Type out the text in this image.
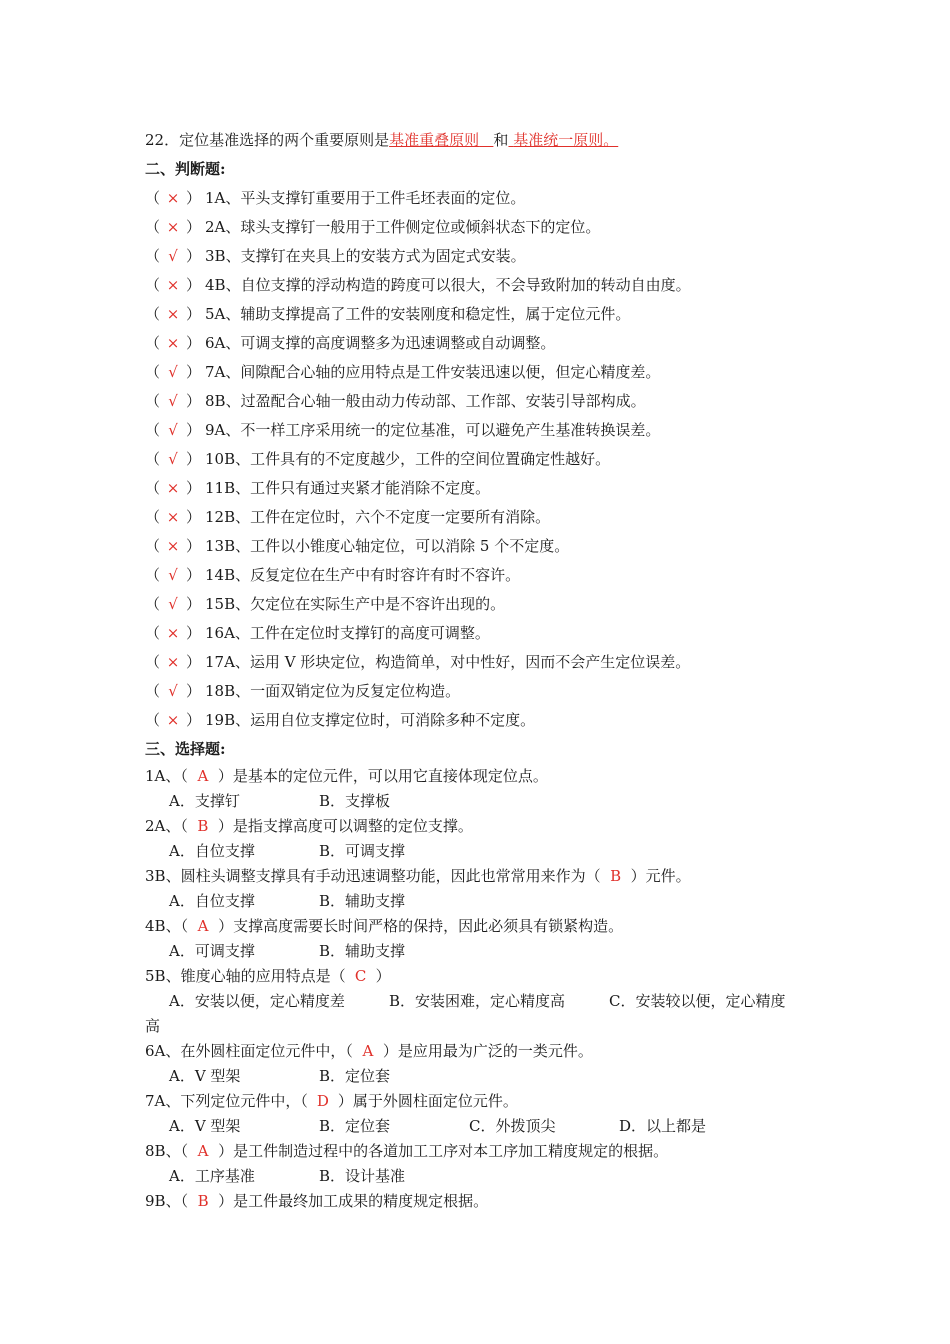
22．定位基准选择的两个重要原则是基准重叠原则 和 基准统一原则。
二、判断题:
（ × ） 1A、平头支撑钉重要用于工件毛坯表面的定位。
（ × ） 2A、球头支撑钉一般用于工件侧定位或倾斜状态下的定位。
（ √ ） 3B、支撑钉在夹具上的安装方式为固定式安装。
（ × ） 4B、自位支撑的浮动构造的跨度可以很大，不会导致附加的转动自由度。
（ × ） 5A、辅助支撑提高了工件的安装刚度和稳定性，属于定位元件。
（ × ） 6A、可调支撑的高度调整多为迅速调整或自动调整。
（ √ ） 7A、间隙配合心轴的应用特点是工件安装迅速以便，但定心精度差。
（ √ ） 8B、过盈配合心轴一般由动力传动部、工作部、安装引导部构成。
（ √ ） 9A、不一样工序采用统一的定位基准，可以避免产生基准转换误差。
（ √ ） 10B、工件具有的不定度越少，工件的空间位置确定性越好。
（ × ） 11B、工件只有通过夹紧才能消除不定度。
（ × ） 12B、工件在定位时，六个不定度一定要所有消除。
（ × ） 13B、工件以小锥度心轴定位，可以消除 5 个不定度。
（ √ ） 14B、反复定位在生产中有时容许有时不容许。
（ √ ） 15B、欠定位在实际生产中是不容许出现的。
（ × ） 16A、工件在定位时支撑钉的高度可调整。
（ × ） 17A、运用 V 形块定位，构造简单，对中性好，因而不会产生定位误差。
（ √ ） 18B、一面双销定位为反复定位构造。
（ × ） 19B、运用自位支撑定位时，可消除多种不定度。
三、选择题:
1A、（ A ）是基本的定位元件，可以用它直接体现定位点。
A．支撑钉	B．支撑板
2A、（ B ）是指支撑高度可以调整的定位支撑。
A．自位支撑	B．可调支撑
3B、圆柱头调整支撑具有手动迅速调整功能，因此也常常用来作为（ B ）元件。
A．自位支撑	B．辅助支撑
4B、（ A ）支撑高度需要长时间严格的保持，因此必须具有锁紧构造。
A．可调支撑	B．辅助支撑
5B、锥度心轴的应用特点是（ C ）
A．安装以便，定心精度差	B．安装困难，定心精度高	C．安装较以便，定心精度
高
6A、在外圆柱面定位元件中，（ A ）是应用最为广泛的一类元件。
A．V 型架	B．定位套
7A、下列定位元件中，（ D ）属于外圆柱面定位元件。
A．V 型架	B．定位套	C．外拨顶尖	D．以上都是
8B、（ A ）是工件制造过程中的各道加工工序对本工序加工精度规定的根据。
A．工序基准	B．设计基准
9B、（ B ）是工件最终加工成果的精度规定根据。
